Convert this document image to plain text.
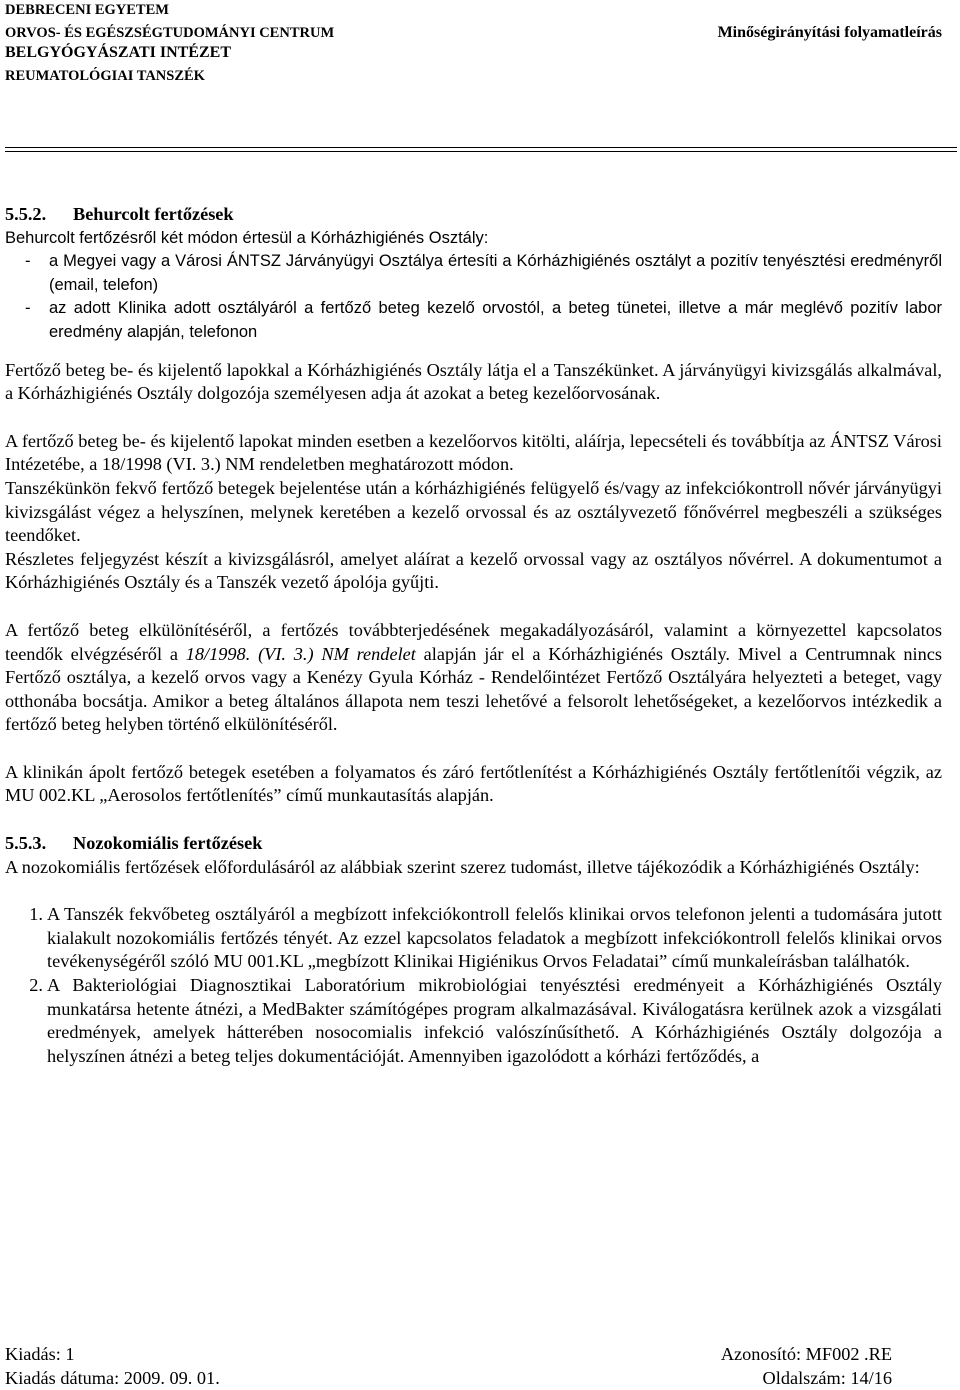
DEBRECENI EGYETEM
ORVOS- ÉS EGÉSZSÉGTUDOMÁNYI CENTRUM
BELGYÓGYÁSZATI INTÉZET
REUMATOLÓGIAI TANSZÉK
Minőségirányítási folyamatleírás
5.5.2. Behurcolt fertőzések
Behurcolt fertőzésről két módon értesül a Kórházhigiénés Osztály:
-	a Megyei vagy a Városi ÁNTSZ Járványügyi Osztálya értesíti a Kórházhigiénés osztályt a pozitív tenyésztési eredményről (email, telefon)
-	az adott Klinika adott osztályáról a fertőző beteg kezelő orvostól, a beteg tünetei, illetve a már meglévő pozitív labor eredmény alapján, telefonon

Fertőző beteg be- és kijelentő lapokkal a Kórházhigiénés Osztály látja el a Tanszékünket. A járványügyi kivizsgálás alkalmával, a Kórházhigiénés Osztály dolgozója személyesen adja át azokat a beteg kezelőorvosának.

A fertőző beteg be- és kijelentő lapokat minden esetben a kezelőorvos kitölti, aláírja, lepecsételi és továbbítja az ÁNTSZ Városi Intézetébe, a 18/1998 (VI. 3.) NM rendeletben meghatározott módon.

Tanszékünkön fekvő fertőző betegek bejelentése után a kórházhigiénés felügyelő és/vagy az infekciókontroll nővér járványügyi kivizsgálást végez a helyszínen, melynek keretében a kezelő orvossal és az osztályvezető főnővérrel megbeszéli a szükséges teendőket.

Részletes feljegyzést készít a kivizsgálásról, amelyet aláírat a kezelő orvossal vagy az osztályos nővérrel. A dokumentumot a Kórházhigiénés Osztály és a Tanszék vezető ápolója gyűjti.

A fertőző beteg elkülönítéséről, a fertőzés továbbterjedésének megakadályozásáról, valamint a környezettel kapcsolatos teendők elvégzéséről a 18/1998. (VI. 3.) NM rendelet alapján jár el a Kórházhigiénés Osztály. Mivel a Centrumnak nincs Fertőző osztálya, a kezelő orvos vagy a Kenézy Gyula Kórház - Rendelőintézet Fertőző Osztályára helyezteti a beteget, vagy otthonába bocsátja. Amikor a beteg általános állapota nem teszi lehetővé a felsorolt lehetőségeket, a kezelőorvos intézkedik a fertőző beteg helyben történő elkülönítéséről.

A klinikán ápolt fertőző betegek esetében a folyamatos és záró fertőtlenítést a Kórházhigiénés Osztály fertőtlenítői végzik, az MU 002.KL „Aerosolos fertőtlenítés” című munkautasítás alapján.

5.5.3. Nozokomiális fertőzések

A nozokomiális fertőzések előfordulásáról az alábbiak szerint szerez tudomást, illetve tájékozódik a Kórházhigiénés Osztály:

1. A Tanszék fekvőbeteg osztályáról a megbízott infekciókontroll felelős klinikai orvos telefonon jelenti a tudomására jutott kialakult nozokomiális fertőzés tényét. Az ezzel kapcsolatos feladatok a megbízott infekciókontroll felelős klinikai orvos tevékenységéről szóló MU 001.KL „megbízott Klinikai Higiénikus Orvos Feladatai” című munkaleírásban találhatók.
2. A Bakteriológiai Diagnosztikai Laboratórium mikrobiológiai tenyésztési eredményeit a Kórházhigiénés Osztály munkatársa hetente átnézi, a MedBakter számítógépes program alkalmazásával. Kiválogatásra kerülnek azok a vizsgálati eredmények, amelyek hátterében nosocomialis infekció valószínűsíthető. A Kórházhigiénés Osztály dolgozója a helyszínen átnézi a beteg teljes dokumentációját. Amennyiben igazolódott a kórházi fertőződés, a
Kiadás: 1	Azonosító: MF002 .RE
Kiadás dátuma: 2009. 09. 01.	Oldalszám: 14/16
